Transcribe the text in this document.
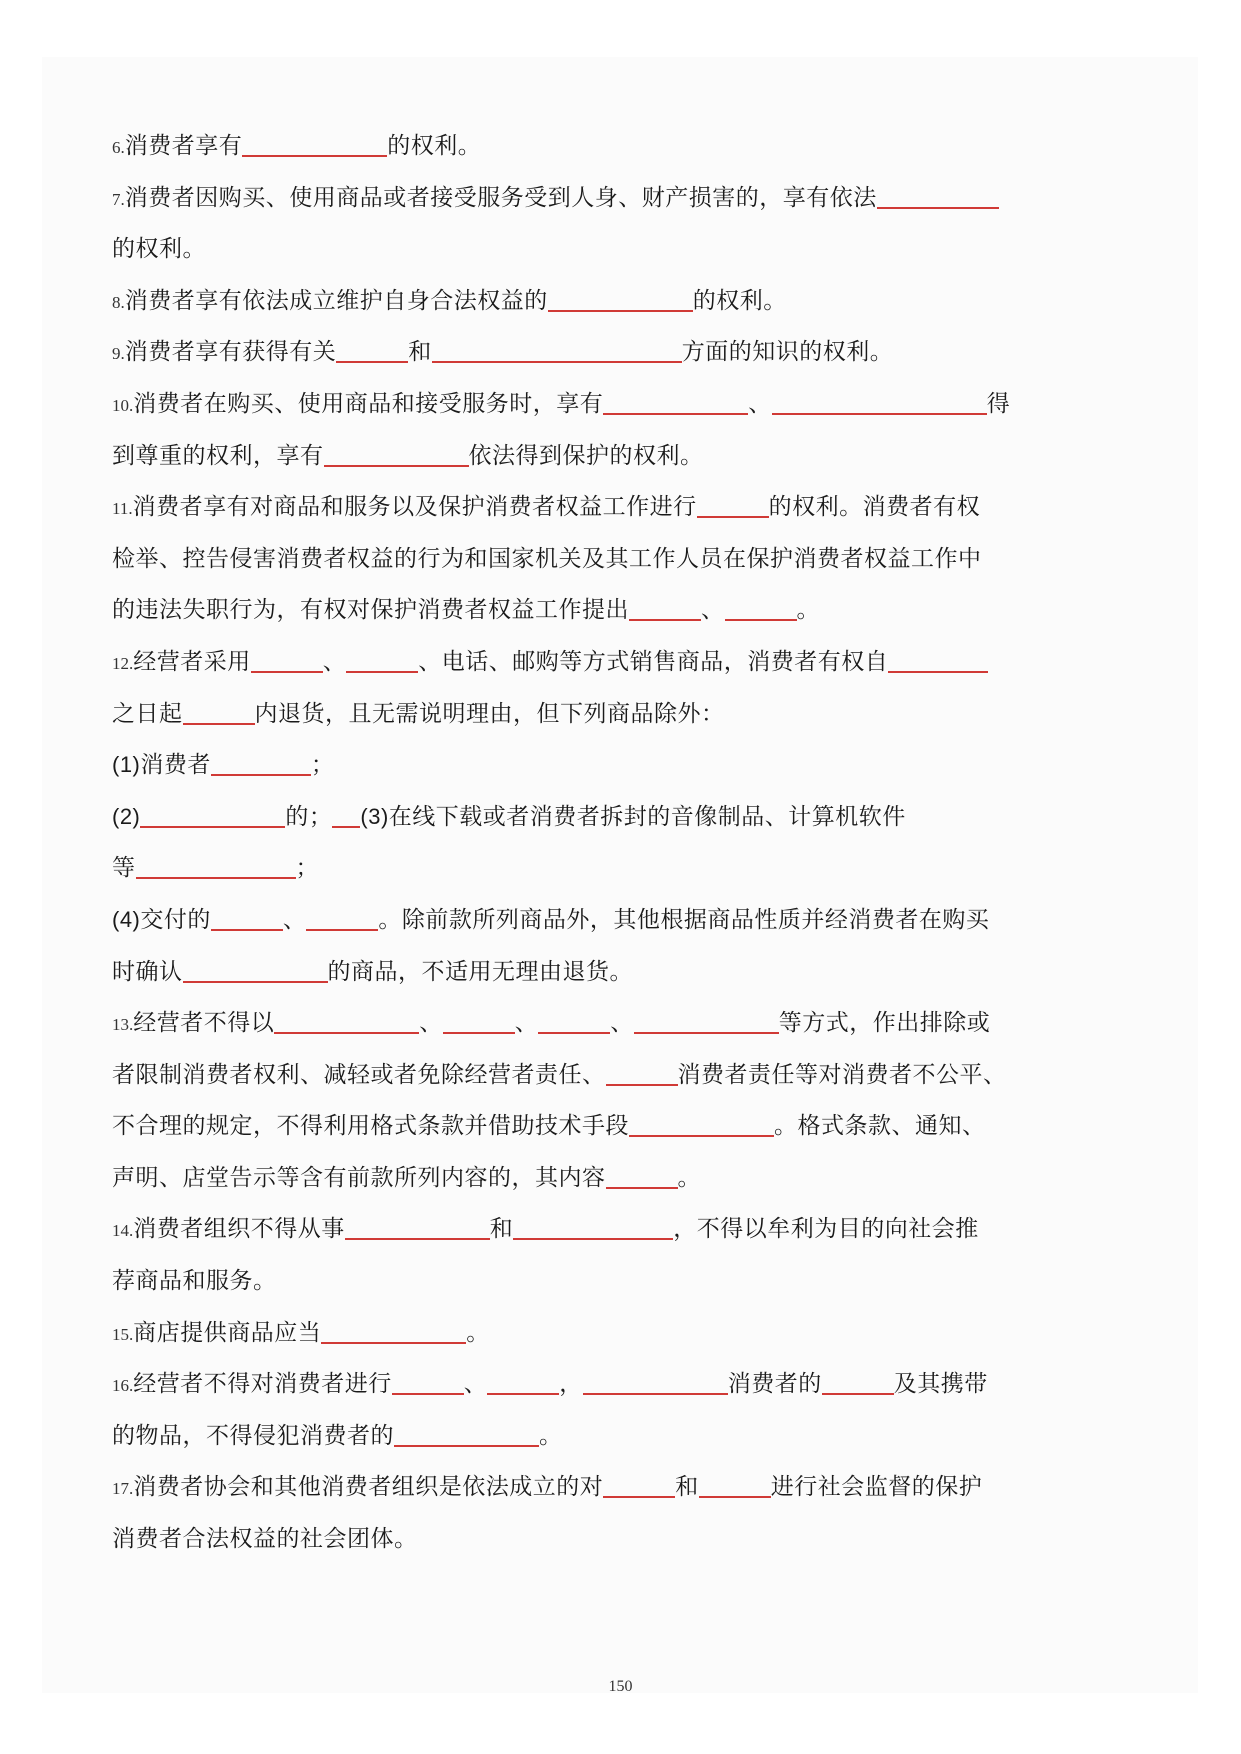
6.消费者享有	的权利。
7.消费者因购买、使用商品或者接受服务受到人身、财产损害的，享有依法
的权利。
8.消费者享有依法成立维护自身合法权益的	的权利。
9.消费者享有获得有关	和	方面的知识的权利。
10.消费者在购买、使用商品和接受服务时，享有	、	得
到尊重的权利，享有	依法得到保护的权利。
11.消费者享有对商品和服务以及保护消费者权益工作进行	的权利。消费者有权
检举、控告侵害消费者权益的行为和国家机关及其工作人员在保护消费者权益工作中
的违法失职行为，有权对保护消费者权益工作提出	、	。
12.经营者采用	、	、电话、邮购等方式销售商品，消费者有权自
之日起	内退货，且无需说明理由，但下列商品除外：
(1)消费者	；
(2)	的； (3)在线下载或者消费者拆封的音像制品、计算机软件
等	；
(4)交付的	、	。除前款所列商品外，其他根据商品性质并经消费者在购买
时确认	的商品，不适用无理由退货。
13.经营者不得以	、	、	、	等方式，作出排除或
者限制消费者权利、减轻或者免除经营者责任、	消费者责任等对消费者不公平、
不合理的规定，不得利用格式条款并借助技术手段	。格式条款、通知、
声明、店堂告示等含有前款所列内容的，其内容	。
14.消费者组织不得从事	和	，不得以牟利为目的向社会推
荐商品和服务。
15.商店提供商品应当	。
16.经营者不得对消费者进行	、	，	消费者的	及其携带
的物品，不得侵犯消费者的	。
17.消费者协会和其他消费者组织是依法成立的对	和	进行社会监督的保护
消费者合法权益的社会团体。
150
